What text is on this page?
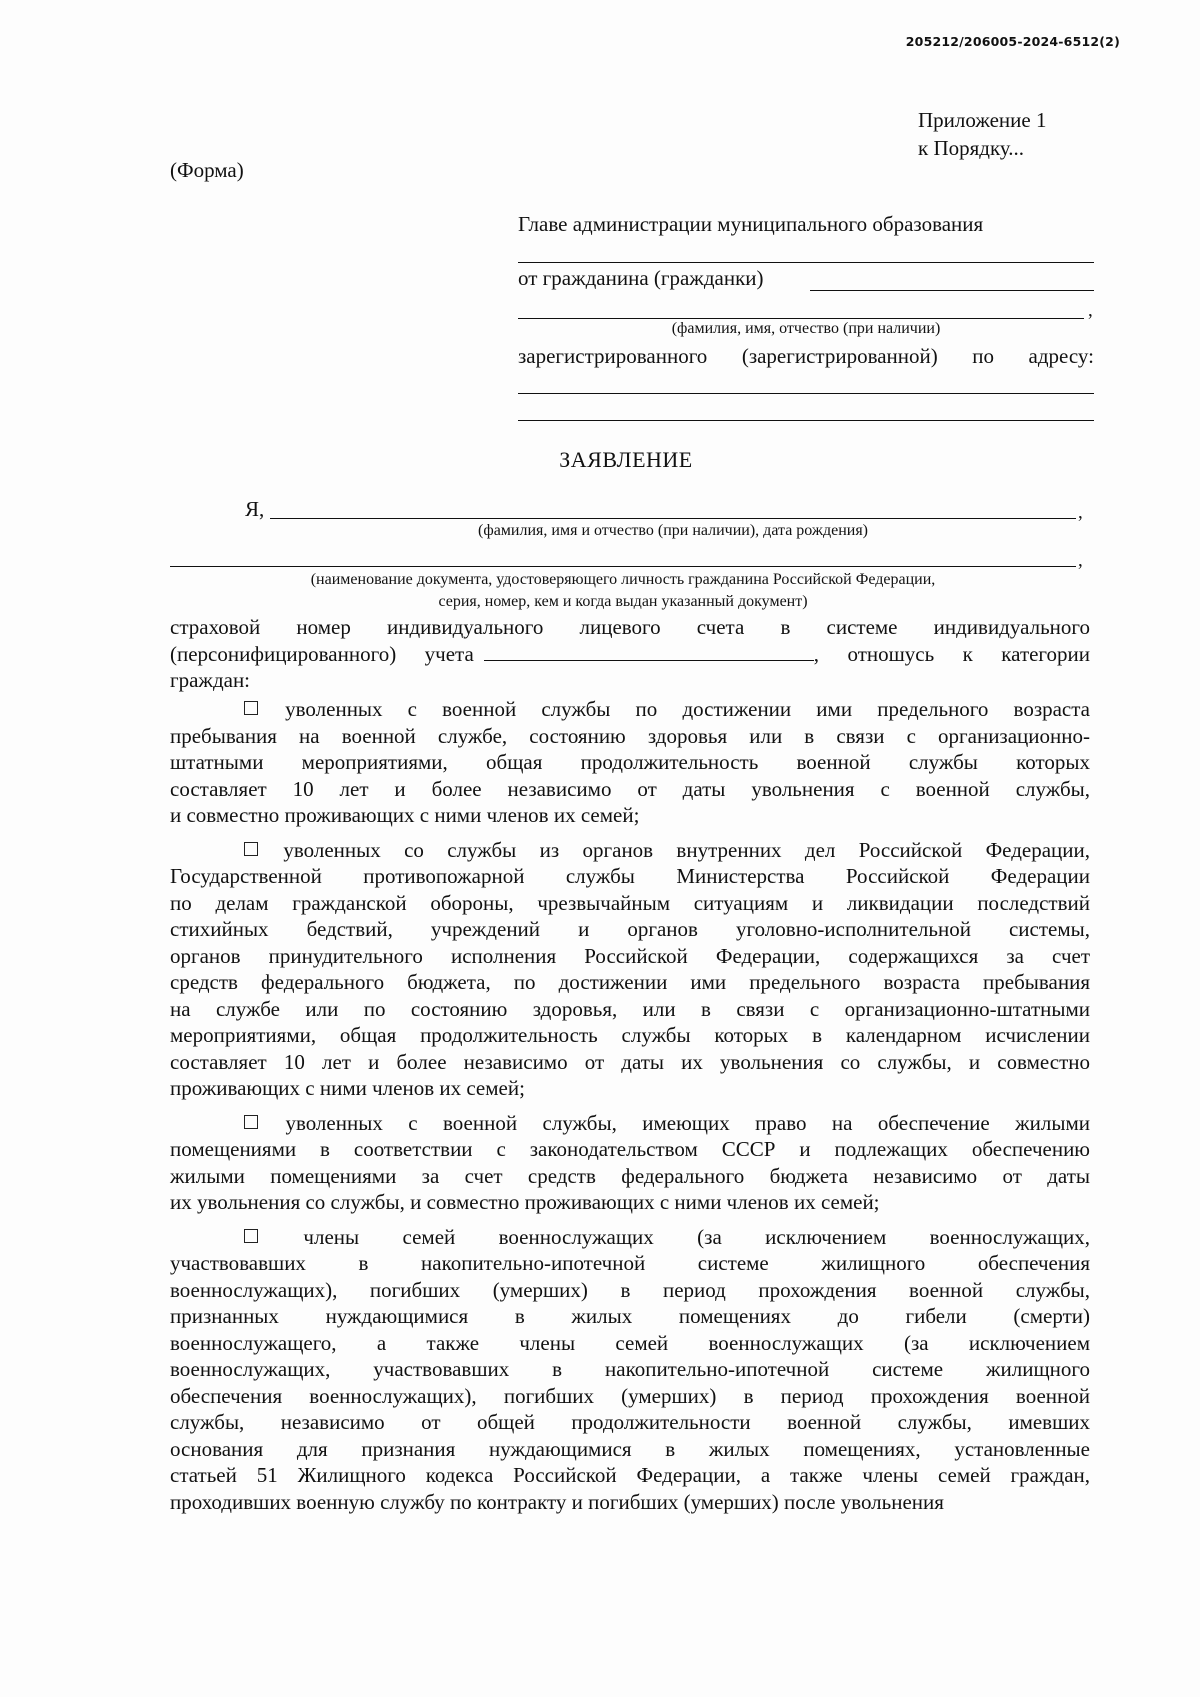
205212/206005-2024-6512(2)
Приложение 1
к Порядку...
(Форма)
Главе администрации муниципального образования
от гражданина (гражданки)
,
(фамилия, имя, отчество (при наличии)
зарегистрированного (зарегистрированной) по адресу:
ЗАЯВЛЕНИЕ
Я,	,
(фамилия, имя и отчество (при наличии), дата рождения)
,
(наименование документа, удостоверяющего личность гражданина Российской Федерации,
серия, номер, кем и когда выдан указанный документ)
страховой номер индивидуального лицевого счета в системе индивидуального
(персонифицированного) учета	, отношусь к категории
граждан:
уволенных с военной службы по достижении ими предельного возраста
пребывания на военной службе, состоянию здоровья или в связи с организационно-
штатными мероприятиями, общая продолжительность военной службы которых
составляет 10 лет и более независимо от даты увольнения с военной службы,
и совместно проживающих с ними членов их семей;
уволенных со службы из органов внутренних дел Российской Федерации,
Государственной противопожарной службы Министерства Российской Федерации
по делам гражданской обороны, чрезвычайным ситуациям и ликвидации последствий
стихийных бедствий, учреждений и органов уголовно-исполнительной системы,
органов принудительного исполнения Российской Федерации, содержащихся за счет
средств федерального бюджета, по достижении ими предельного возраста пребывания
на службе или по состоянию здоровья, или в связи с организационно-штатными
мероприятиями, общая продолжительность службы которых в календарном исчислении
составляет 10 лет и более независимо от даты их увольнения со службы, и совместно
проживающих с ними членов их семей;
уволенных с военной службы, имеющих право на обеспечение жилыми
помещениями в соответствии с законодательством СССР и подлежащих обеспечению
жилыми помещениями за счет средств федерального бюджета независимо от даты
их увольнения со службы, и совместно проживающих с ними членов их семей;
члены семей военнослужащих (за исключением военнослужащих,
участвовавших в накопительно-ипотечной системе жилищного обеспечения
военнослужащих), погибших (умерших) в период прохождения военной службы,
признанных нуждающимися в жилых помещениях до гибели (смерти)
военнослужащего, а также члены семей военнослужащих (за исключением
военнослужащих, участвовавших в накопительно-ипотечной системе жилищного
обеспечения военнослужащих), погибших (умерших) в период прохождения военной
службы, независимо от общей продолжительности военной службы, имевших
основания для признания нуждающимися в жилых помещениях, установленные
статьей 51 Жилищного кодекса Российской Федерации, а также члены семей граждан,
проходивших военную службу по контракту и погибших (умерших) после увольнения
